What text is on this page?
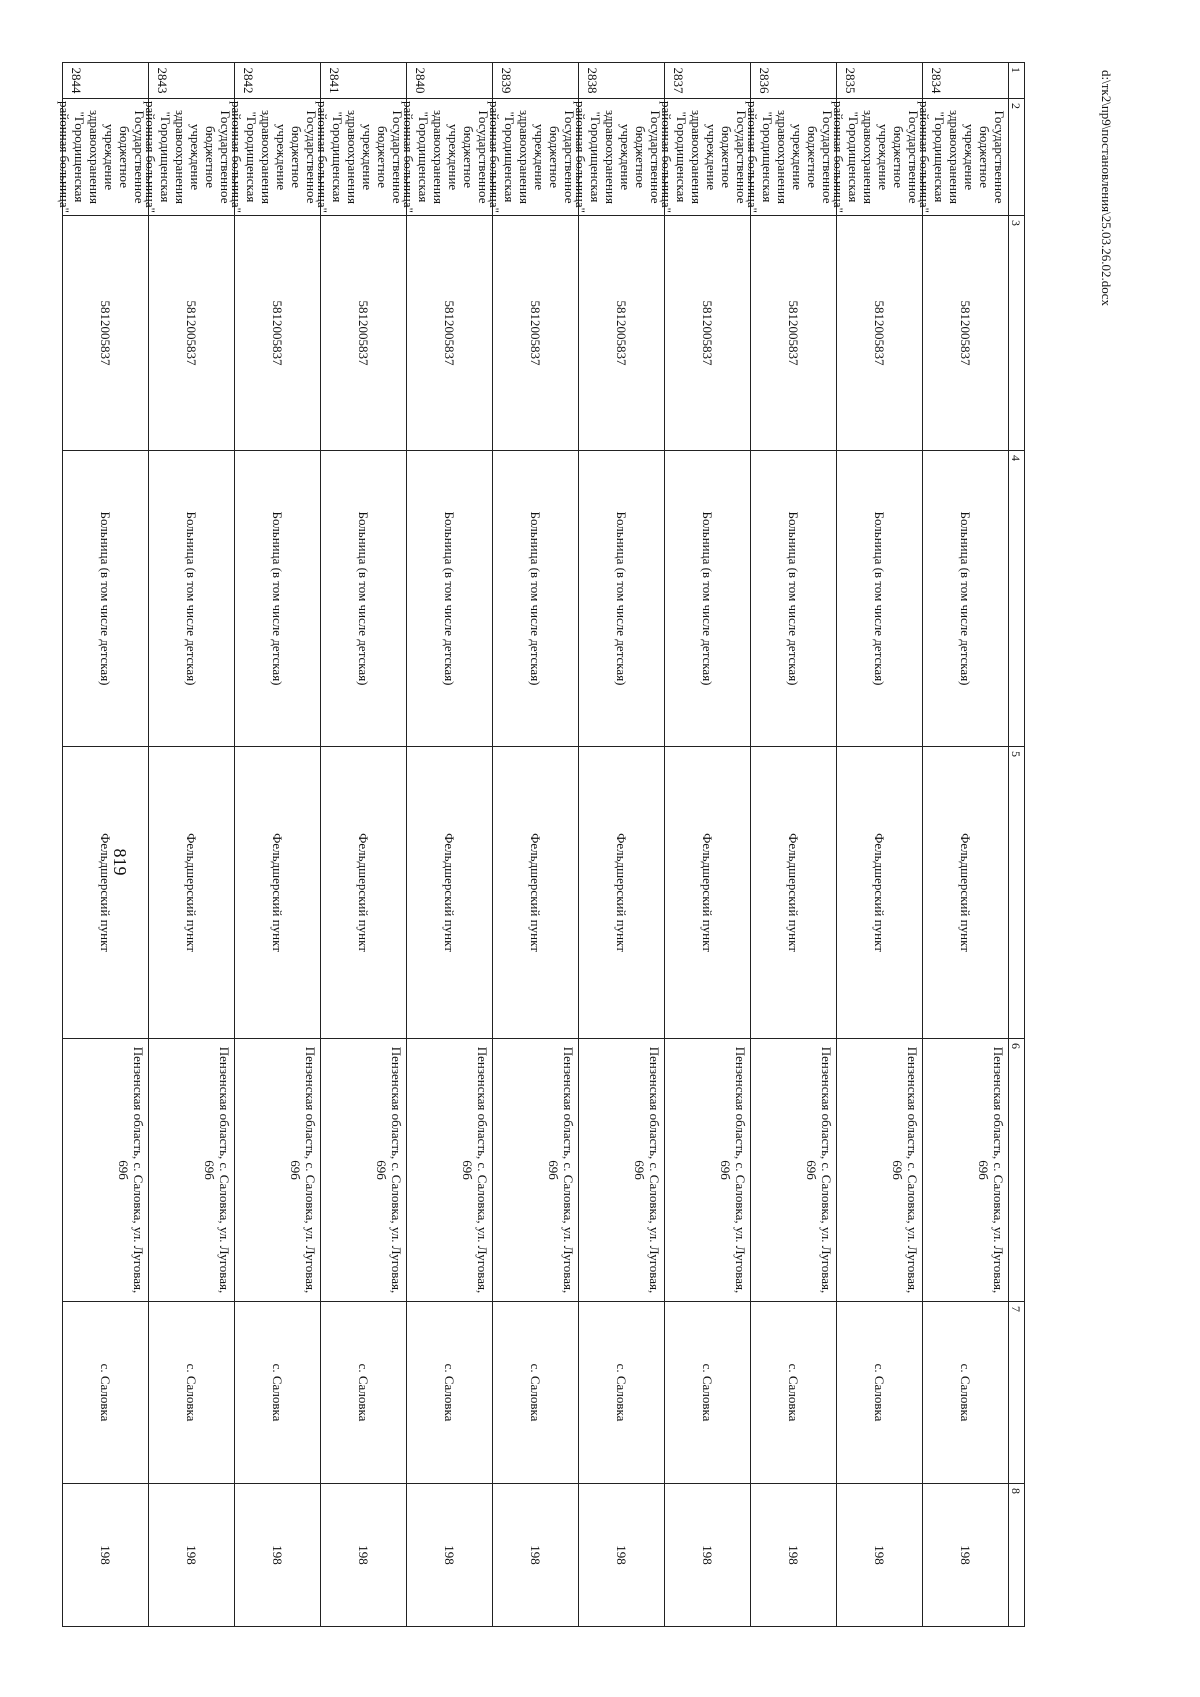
819
d:\тк2\пр9\постановления\25.03.26.02.docx
1	2	3	4	5	6	7	8
2834	Государственное бюджетное учреждение здравоохранения "Городищенская районная больница"	5812005837	Больница (в том числе детская)	Фельдшерский пункт	Пензенская область, с. Саловка, ул. Луговая, 69б	с. Саловка	198
2835	Государственное бюджетное учреждение здравоохранения "Городищенская районная больница"	5812005837	Больница (в том числе детская)	Фельдшерский пункт	Пензенская область, с. Саловка, ул. Луговая, 69б	с. Саловка	198
2836	Государственное бюджетное учреждение здравоохранения "Городищенская районная больница"	5812005837	Больница (в том числе детская)	Фельдшерский пункт	Пензенская область, с. Саловка, ул. Луговая, 69б	с. Саловка	198
2837	Государственное бюджетное учреждение здравоохранения "Городищенская районная больница"	5812005837	Больница (в том числе детская)	Фельдшерский пункт	Пензенская область, с. Саловка, ул. Луговая, 69б	с. Саловка	198
2838	Государственное бюджетное учреждение здравоохранения "Городищенская районная больница"	5812005837	Больница (в том числе детская)	Фельдшерский пункт	Пензенская область, с. Саловка, ул. Луговая, 69б	с. Саловка	198
2839	Государственное бюджетное учреждение здравоохранения "Городищенская районная больница"	5812005837	Больница (в том числе детская)	Фельдшерский пункт	Пензенская область, с. Саловка, ул. Луговая, 69б	с. Саловка	198
2840	Государственное бюджетное учреждение здравоохранения "Городищенская районная больница"	5812005837	Больница (в том числе детская)	Фельдшерский пункт	Пензенская область, с. Саловка, ул. Луговая, 69б	с. Саловка	198
2841	Государственное бюджетное учреждение здравоохранения "Городищенская районная больница"	5812005837	Больница (в том числе детская)	Фельдшерский пункт	Пензенская область, с. Саловка, ул. Луговая, 69б	с. Саловка	198
2842	Государственное бюджетное учреждение здравоохранения "Городищенская районная больница"	5812005837	Больница (в том числе детская)	Фельдшерский пункт	Пензенская область, с. Саловка, ул. Луговая, 69б	с. Саловка	198
2843	Государственное бюджетное учреждение здравоохранения "Городищенская районная больница"	5812005837	Больница (в том числе детская)	Фельдшерский пункт	Пензенская область, с. Саловка, ул. Луговая, 69б	с. Саловка	198
2844	Государственное бюджетное учреждение здравоохранения "Городищенская районная больница"	5812005837	Больница (в том числе детская)	Фельдшерский пункт	Пензенская область, с. Саловка, ул. Луговая, 69б	с. Саловка	198
